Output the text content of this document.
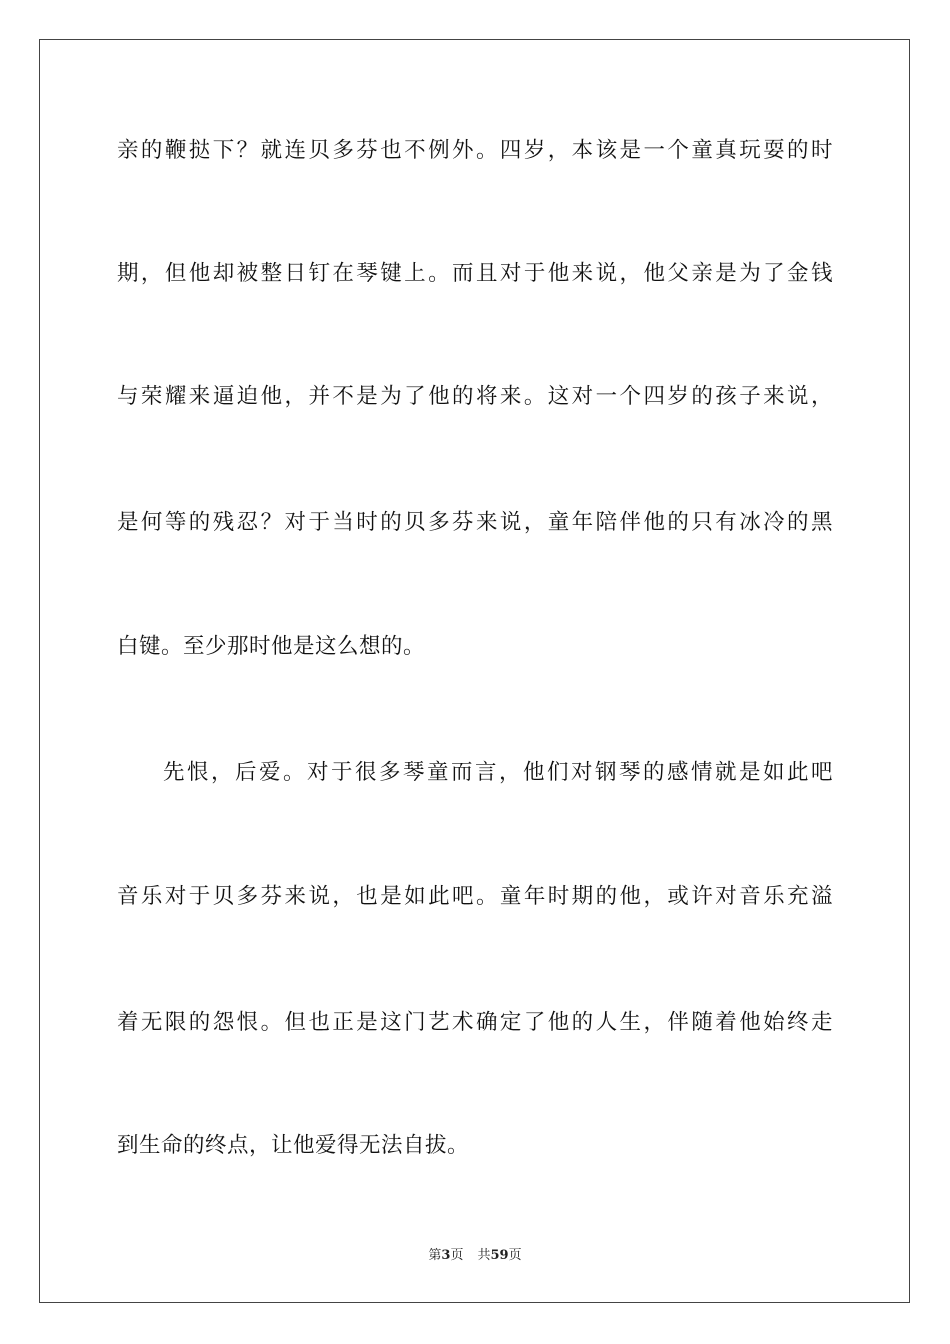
亲的鞭挞下？就连贝多芬也不例外。四岁，本该是一个童真玩耍的时
期，但他却被整日钉在琴键上。而且对于他来说，他父亲是为了金钱
与荣耀来逼迫他，并不是为了他的将来。这对一个四岁的孩子来说，
是何等的残忍？对于当时的贝多芬来说，童年陪伴他的只有冰冷的黑
白键。至少那时他是这么想的。
先恨，后爱。对于很多琴童而言，他们对钢琴的感情就是如此吧
音乐对于贝多芬来说，也是如此吧。童年时期的他，或许对音乐充溢
着无限的怨恨。但也正是这门艺术确定了他的人生，伴随着他始终走
到生命的终点，让他爱得无法自拔。
第3页 共59页
